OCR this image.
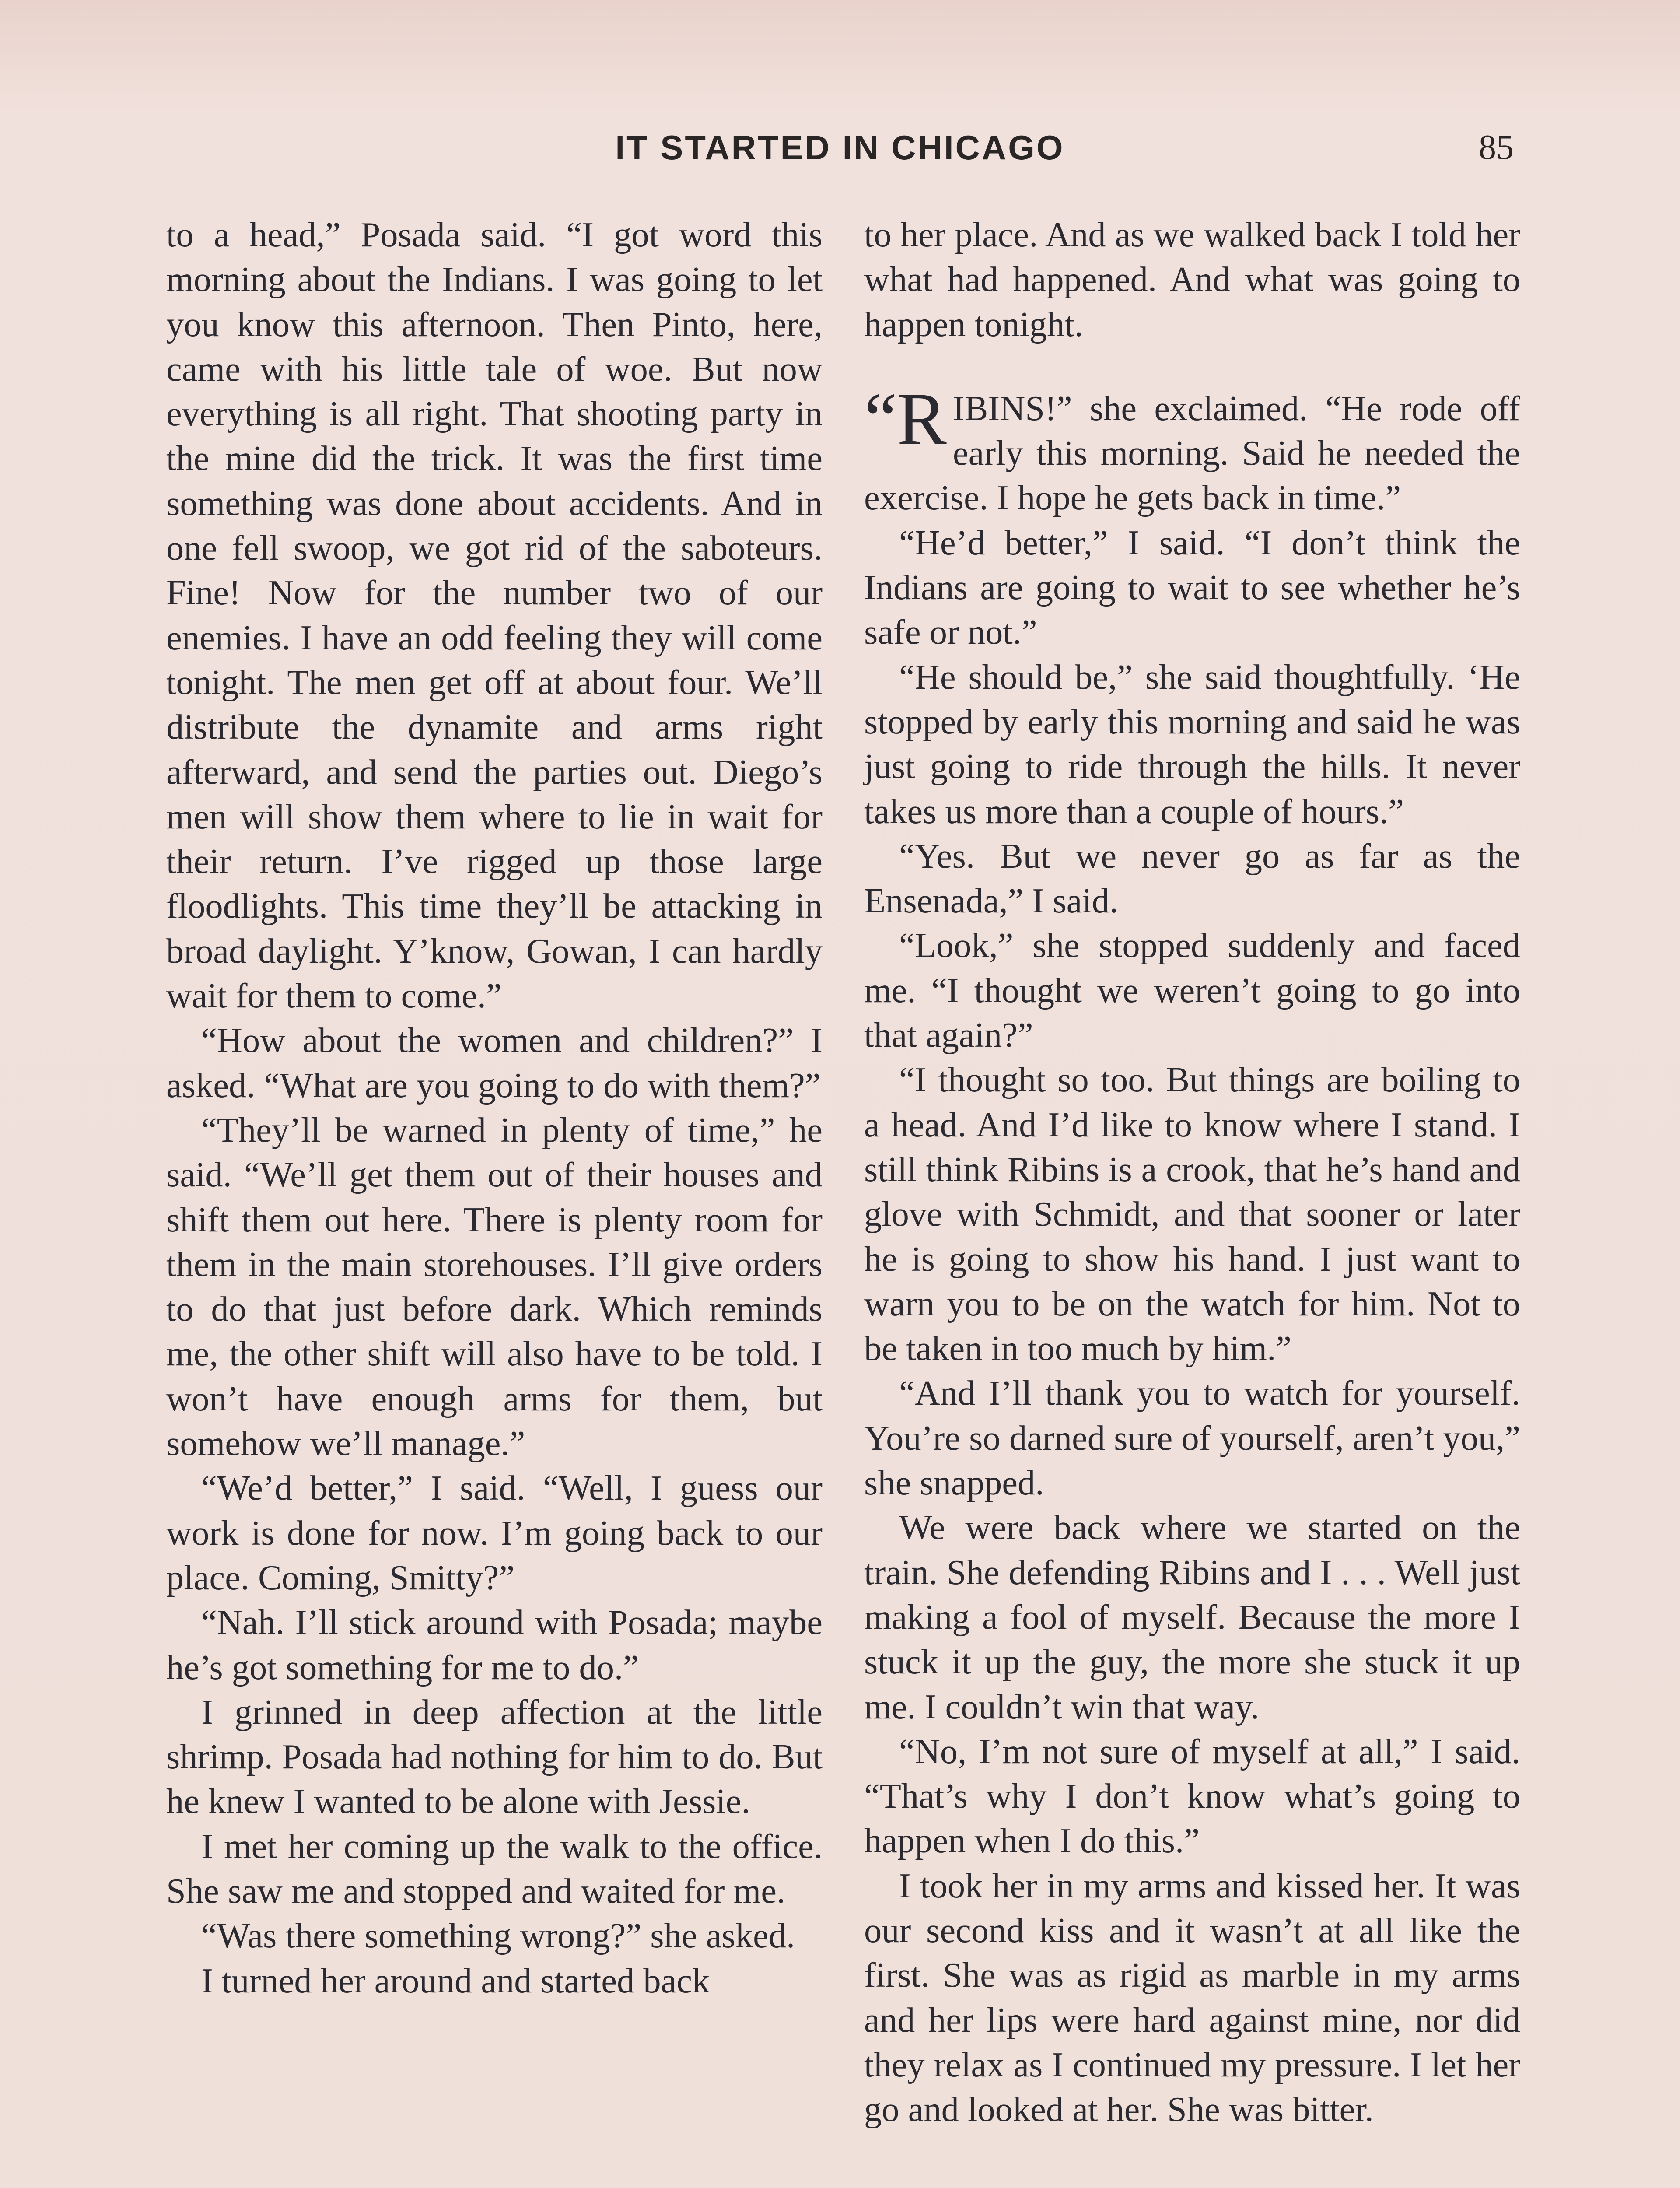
IT STARTED IN CHICAGO	85

to a head,” Posada said. “I got word this morning about the Indians. I was going to let you know this afternoon. Then Pinto, here, came with his little tale of woe. But now everything is all right. That shooting party in the mine did the trick. It was the first time something was done about accidents. And in one fell swoop, we got rid of the saboteurs. Fine! Now for the number two of our enemies. I have an odd feeling they will come tonight. The men get off at about four. We’ll distribute the dynamite and arms right afterward, and send the parties out. Diego’s men will show them where to lie in wait for their return. I’ve rigged up those large floodlights. This time they’ll be attacking in broad daylight. Y’know, Gowan, I can hardly wait for them to come.”

“How about the women and children?” I asked. “What are you going to do with them?”

“They’ll be warned in plenty of time,” he said. “We’ll get them out of their houses and shift them out here. There is plenty room for them in the main storehouses. I’ll give orders to do that just before dark. Which reminds me, the other shift will also have to be told. I won’t have enough arms for them, but somehow we’ll manage.”

“We’d better,” I said. “Well, I guess our work is done for now. I’m going back to our place. Coming, Smitty?”

“Nah. I’ll stick around with Posada; maybe he’s got something for me to do.”

I grinned in deep affection at the little shrimp. Posada had nothing for him to do. But he knew I wanted to be alone with Jessie.

I met her coming up the walk to the office. She saw me and stopped and waited for me.

“Was there something wrong?” she asked.

I turned her around and started back

to her place. And as we walked back I told her what had happened. And what was going to happen tonight.

“R IBINS!” she exclaimed. “He rode off early this morning. Said he needed the exercise. I hope he gets back in time.”

“He’d better,” I said. “I don’t think the Indians are going to wait to see whether he’s safe or not.”

“He should be,” she said thoughtfully. ‘He stopped by early this morning and said he was just going to ride through the hills. It never takes us more than a couple of hours.”

“Yes. But we never go as far as the Ensenada,” I said.

“Look,” she stopped suddenly and faced me. “I thought we weren’t going to go into that again?”

“I thought so too. But things are boiling to a head. And I’d like to know where I stand. I still think Ribins is a crook, that he’s hand and glove with Schmidt, and that sooner or later he is going to show his hand. I just want to warn you to be on the watch for him. Not to be taken in too much by him.”

“And I’ll thank you to watch for yourself. You’re so darned sure of yourself, aren’t you,” she snapped.

We were back where we started on the train. She defending Ribins and I . . . Well just making a fool of myself. Because the more I stuck it up the guy, the more she stuck it up me. I couldn’t win that way.

“No, I’m not sure of myself at all,” I said. “That’s why I don’t know what’s going to happen when I do this.”

I took her in my arms and kissed her. It was our second kiss and it wasn’t at all like the first. She was as rigid as marble in my arms and her lips were hard against mine, nor did they relax as I continued my pressure. I let her go and looked at her. She was bitter.
